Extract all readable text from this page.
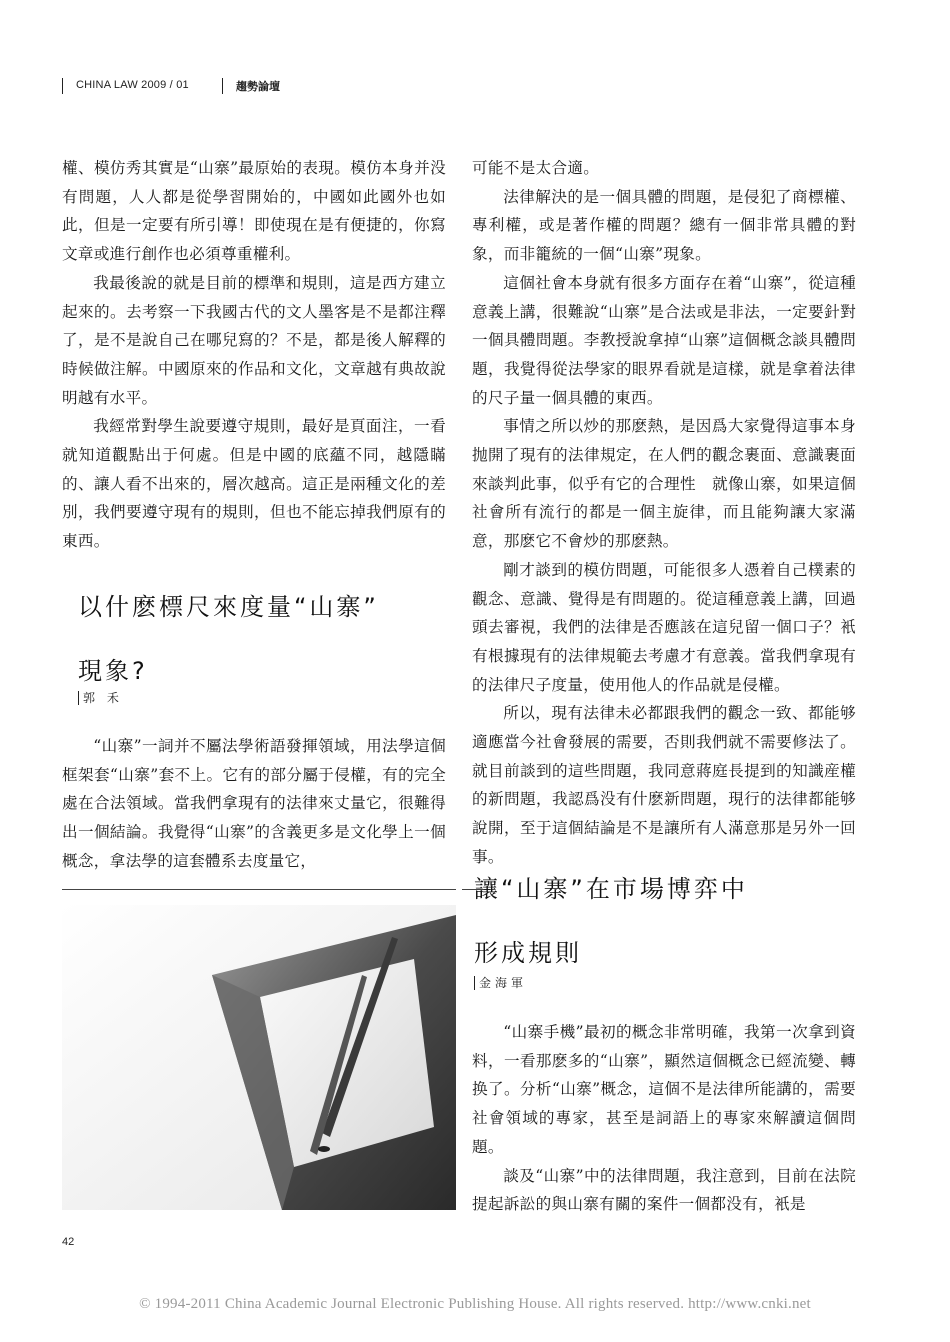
CHINA LAW 2009 / 01	趨勢論壇

權、模仿秀其實是“山寨”最原始的表現。模仿本身并没有問題，人人都是從學習開始的，中國如此國外也如此，但是一定要有所引導！即使現在是有便捷的，你寫文章或進行創作也必須尊重權利。

我最後說的就是目前的標準和規則，這是西方建立起來的。去考察一下我國古代的文人墨客是不是都注釋了，是不是說自己在哪兒寫的？不是，都是後人解釋的時候做注解。中國原來的作品和文化，文章越有典故說明越有水平。

我經常對學生說要遵守規則，最好是頁面注，一看就知道觀點出于何處。但是中國的底蘊不同，越隱瞞的、讓人看不出來的，層次越高。這正是兩種文化的差別，我們要遵守現有的規則，但也不能忘掉我們原有的東西。

以什麽標尺來度量“山寨”
現象?
郭 禾

“山寨”一詞并不屬法學術語發揮領域，用法學這個框架套“山寨”套不上。它有的部分屬于侵權，有的完全處在合法領域。當我們拿現有的法律來丈量它，很難得出一個結論。我覺得“山寨”的含義更多是文化學上一個概念，拿法學的這套體系去度量它，

可能不是太合適。

法律解決的是一個具體的問題，是侵犯了商標權、專利權，或是著作權的問題？總有一個非常具體的對象，而非籠統的一個“山寨”現象。

這個社會本身就有很多方面存在着“山寨”，從這種意義上講，很難說“山寨”是合法或是非法，一定要針對一個具體問題。李教授說拿掉“山寨”這個概念談具體問題，我覺得從法學家的眼界看就是這樣，就是拿着法律的尺子量一個具體的東西。

事情之所以炒的那麽熱，是因爲大家覺得這事本身抛開了現有的法律規定，在人們的觀念裹面、意識裹面來談判此事，似乎有它的合理性　就像山寨，如果這個社會所有流行的都是一個主旋律，而且能夠讓大家滿意，那麽它不會炒的那麽熱。

剛才談到的模仿問題，可能很多人憑着自己樸素的觀念、意識、覺得是有問題的。從這種意義上講，回過頭去審視，我們的法律是否應該在這兒留一個口子？衹有根據現有的法律規範去考慮才有意義。當我們拿現有的法律尺子度量，使用他人的作品就是侵權。

所以，現有法律未必都跟我們的觀念一致、都能够適應當今社會發展的需要，否則我們就不需要修法了。就目前談到的這些問題，我同意蔣庭長提到的知識産權的新問題，我認爲没有什麽新問題，現行的法律都能够說開，至于這個結論是不是讓所有人滿意那是另外一回事。

讓“山寨”在市場博弈中
形成規則
金海軍

“山寨手機”最初的概念非常明確，我第一次拿到資料，一看那麽多的“山寨”，顯然這個概念已經流變、轉换了。分析“山寨”概念，這個不是法律所能講的，需要社會領域的專家，甚至是詞語上的專家來解讀這個問題。

談及“山寨”中的法律問題，我注意到，目前在法院提起訴訟的與山寨有關的案件一個都没有，衹是

42
© 1994-2011 China Academic Journal Electronic Publishing House. All rights reserved. http://www.cnki.net
